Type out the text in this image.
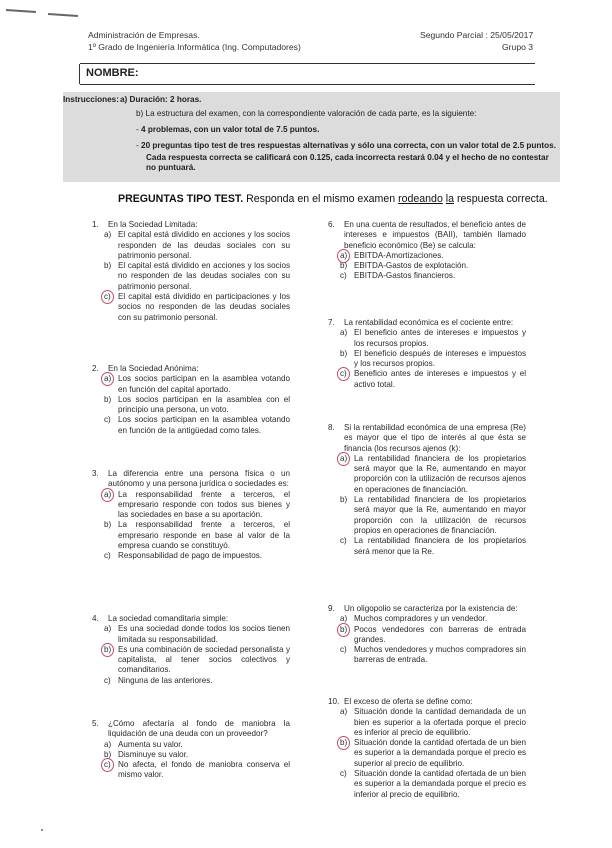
Administración de Empresas.
1º Grado de Ingeniería Informática (Ing. Computadores)
Segundo Parcial : 25/05/2017
Grupo 3
NOMBRE:
Instrucciones: a) Duración: 2 horas.
b) La estructura del examen, con la correspondiente valoración de cada parte, es la siguiente:
- 4 problemas, con un valor total de 7.5 puntos.
- 20 preguntas tipo test de tres respuestas alternativas y sólo una correcta, con un valor total de 2.5 puntos.
Cada respuesta correcta se calificará con 0.125, cada incorrecta restará 0.04 y el hecho de no contestar no puntuará.
PREGUNTAS TIPO TEST. Responda en el mismo examen rodeando la respuesta correcta.
1.	En la Sociedad Limitada:
a) El capital está dividido en acciones y los socios responden de las deudas sociales con su patrimonio personal.
b) El capital está dividido en acciones y los socios no responden de las deudas sociales con su patrimonio personal.
c) El capital está dividido en participaciones y los socios no responden de las deudas sociales con su patrimonio personal.
2.	En la Sociedad Anónima:
a) Los socios participan en la asamblea votando en función del capital aportado.
b) Los socios participan en la asamblea con el principio una persona, un voto.
c) Los socios participan en la asamblea votando en función de la antigüedad como tales.
3.	La diferencia entre una persona física o un autónomo y una persona jurídica o sociedades es:
a) La responsabilidad frente a terceros, el empresario responde con todos sus bienes y las sociedades en base a su aportación.
b) La responsabilidad frente a terceros, el empresario responde en base al valor de la empresa cuando se constituyó.
c) Responsabilidad de pago de impuestos.
4.	La sociedad comanditaria simple:
a) Es una sociedad donde todos los socios tienen limitada su responsabilidad.
b) Es una combinación de sociedad personalista y capitalista, al tener socios colectivos y comanditarios.
c) Ninguna de las anteriores.
5.	¿Cómo afectaría al fondo de maniobra la liquidación de una deuda con un proveedor?
a) Aumenta su valor.
b) Disminuye su valor.
c) No afecta, el fondo de maniobra conserva el mismo valor.
6.	En una cuenta de resultados, el beneficio antes de intereses e impuestos (BAII), también llamado beneficio económico (Be) se calcula:
a) EBITDA-Amortizaciones.
b) EBITDA-Gastos de explotación.
c) EBITDA-Gastos financieros.
7.	La rentabilidad económica es el cociente entre:
a) El beneficio antes de intereses e impuestos y los recursos propios.
b) El beneficio después de intereses e impuestos y los recursos propios.
c) Beneficio antes de intereses e impuestos y el activo total.
8.	Si la rentabilidad económica de una empresa (Re) es mayor que el tipo de interés al que ésta se financia (los recursos ajenos (k):
a) La rentabilidad financiera de los propietarios será mayor que la Re, aumentando en mayor proporción con la utilización de recursos ajenos en operaciones de financiación.
b) La rentabilidad financiera de los propietarios será mayor que la Re, aumentando en mayor proporción con la utilización de recursos propios en operaciones de financiación.
c) La rentabilidad financiera de los propietarios será menor que la Re.
9.	Un oligopolio se caracteriza por la existencia de:
a) Muchos compradores y un vendedor.
b) Pocos vendedores con barreras de entrada grandes.
c) Muchos vendedores y muchos compradores sin barreras de entrada.
10. El exceso de oferta se define como:
a) Situación donde la cantidad demandada de un bien es superior a la ofertada porque el precio es inferior al precio de equilibrio.
b) Situación donde la cantidad ofertada de un bien es superior a la demandada porque el precio es superior al precio de equilibrio.
c) Situación donde la cantidad ofertada de un bien es superior a la demandada porque el precio es inferior al precio de equilibrio.
